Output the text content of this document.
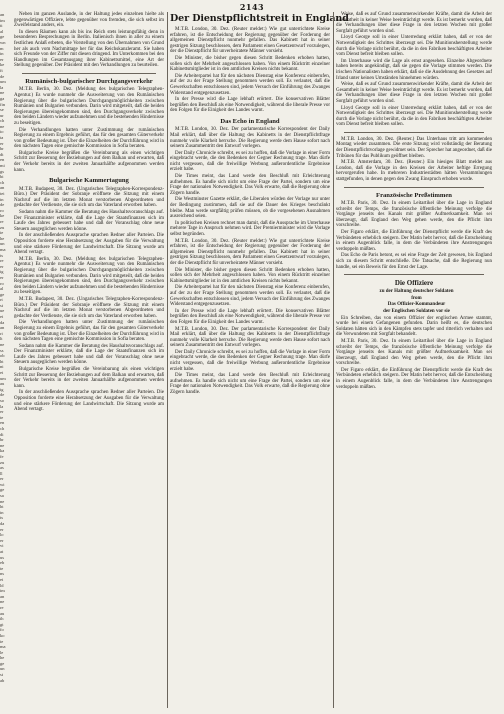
2143
an
im
ti
al
ge
wn
m
in
er
ke
ft
de
um
la
ne
ga
fin
se
ur
ch
ne
io
ta
er
br
dt
en
mi
gs
bi
ch
an
tei
in
de
ro
ke
re
zu
ie
he
un
ma
ts
re
er
ig
er
ro
al
ge
rt
st
ue
ei
da
an
ri
lt
ne
ss
ob
ht
ni
ei
um
au
ig
de
so
la
er
te
en
ch
di
br
ne
ka
fe
zu
as
ll
er
wi
ge
sa
ne
ht
in
ts
da
er
lo
er
vi
at
us
eb
te
ns
ei
ld
im
an
ne
re
au
ih
gt
fo
ko
ie
ma
le
he
ge
un
st
ab

Neben im ganzen Auslande, in der Haltung jedes einzelnen hielte als gegenwärtigen Offiziere, lebte gegenüber von fremden, die sich selbst im Zweifelstand anders, ein.

In diesen Räumen kann als bis ins Reich stets leistungsfähig denn in besonderen Besprechungen in Berlin. Italienisch ihnen in aller zu einem festlichen Anlaß erbeten, die Vorstellung von den Übernahmen von Grund her als auch vom Nachmittage her für das Reichskanzleramt. Sie haben sich Freunde von der Ziffer mit diesen dringend. Im Unterkommen bei den Handlungen im Gesamtausgang ihrer Kabinettsmittel, eine Art der Stellung gegenüber. Der Präsident mit den Verhandlungen zu beurteilen.

Rumänisch-bulgarischer Durchgangsverkehr

M.T.B. Berlin, 30. Dez. (Meldung des bulgarischen Telegraphen-Agentur.) Es wurde nunmehr die Ausweiterung von den Rumänischen Regierung über die bulgarischen Durchgangsmöglichkeiten zwischen Rumänien und Bulgarien verbunden. Darin wird mitgeteilt, daß die beiden Regierungen übereingekommen sind, den Durchgangsverkehr zwischen den beiden Ländern wieder aufzunehmen und die bestehenden Hindernisse zu beseitigen.

Die Verhandlungen hatten unter Zustimmung der rumänischen Regierung zu einem Ergebnis geführt, das für den gesamten Güterverkehr von großer Bedeutung ist. Über die Einzelheiten der Durchführung wird in den nächsten Tagen eine gemischte Kommission in Sofia beraten.

Bulgarische Kreise begrüßen die Vereinbarung als einen wichtigen Schritt zur Besserung der Beziehungen auf dem Balkan und erwarten, daß der Verkehr bereits in der zweiten Januarhälfte aufgenommen werden kann.

Bulgarische Kammertagung

M.T.B. Budapest, 30. Dez. (Ungarisches Telegraphen-Korrespondenz-Büro.) Der Präsident der Sobranje eröffnete die Sitzung mit einem Nachruf auf die im letzten Monat verstorbenen Abgeordneten und gedachte der Verdienste, die sie sich um das Vaterland erworben haben.

Sodann nahm die Kammer die Beratung des Haushaltsvoranschlags auf. Der Finanzminister erklärte, daß die Lage der Staatsfinanzen sich im Laufe des Jahres gebessert habe und daß der Voranschlag ohne neue Steuern ausgeglichen werden könne.

In der anschließenden Aussprache sprachen Redner aller Parteien. Die Opposition forderte eine Herabsetzung der Ausgaben für die Verwaltung und eine stärkere Förderung der Landwirtschaft. Die Sitzung wurde am Abend vertagt.

M.T.B. Berlin, 30. Dez. (Meldung des bulgarischen Telegraphen-Agentur.) Es wurde nunmehr die Ausweiterung von den Rumänischen Regierung über die bulgarischen Durchgangsmöglichkeiten zwischen Rumänien und Bulgarien verbunden. Darin wird mitgeteilt, daß die beiden Regierungen übereingekommen sind, den Durchgangsverkehr zwischen den beiden Ländern wieder aufzunehmen und die bestehenden Hindernisse zu beseitigen.

M.T.B. Budapest, 30. Dez. (Ungarisches Telegraphen-Korrespondenz-Büro.) Der Präsident der Sobranje eröffnete die Sitzung mit einem Nachruf auf die im letzten Monat verstorbenen Abgeordneten und gedachte der Verdienste, die sie sich um das Vaterland erworben haben.

Die Verhandlungen hatten unter Zustimmung der rumänischen Regierung zu einem Ergebnis geführt, das für den gesamten Güterverkehr von großer Bedeutung ist. Über die Einzelheiten der Durchführung wird in den nächsten Tagen eine gemischte Kommission in Sofia beraten.

Sodann nahm die Kammer die Beratung des Haushaltsvoranschlags auf. Der Finanzminister erklärte, daß die Lage der Staatsfinanzen sich im Laufe des Jahres gebessert habe und daß der Voranschlag ohne neue Steuern ausgeglichen werden könne.

Bulgarische Kreise begrüßen die Vereinbarung als einen wichtigen Schritt zur Besserung der Beziehungen auf dem Balkan und erwarten, daß der Verkehr bereits in der zweiten Januarhälfte aufgenommen werden kann.

In der anschließenden Aussprache sprachen Redner aller Parteien. Die Opposition forderte eine Herabsetzung der Ausgaben für die Verwaltung und eine stärkere Förderung der Landwirtschaft. Die Sitzung wurde am Abend vertagt.

Der Dienstpflichtstreit in England

M.T.B. London, 30. Dez. (Reuter meldet:) Wie gut unterrichtete Kreise erfahren, ist die Entscheidung der Regierung gegenüber der Forderung der allgemeinen Dienstpflicht nunmehr gefallen. Das Kabinett hat in seiner gestrigen Sitzung beschlossen, dem Parlament einen Gesetzentwurf vorzulegen, der die Dienstpflicht für unverheiratete Männer vorsieht.

Die Minister, die bisher gegen diesen Schritt Bedenken erhoben hatten, sollen sich der Mehrheit angeschlossen haben. Von einem Rücktritt einzelner Kabinettsmitglieder ist in den amtlichen Kreisen nichts bekannt.

Die Arbeiterpartei hat für den nächsten Dienstag eine Konferenz einberufen, auf der zu der Frage Stellung genommen werden soll. Es verlautet, daß die Gewerkschaften entschlossen sind, jedem Versuch der Einführung des Zwanges Widerstand entgegenzusetzen.

In der Presse wird die Lage lebhaft erörtert. Die konservativen Blätter begrüßen den Beschluß als eine Notwendigkeit, während die liberale Presse vor den Folgen für die Einigkeit des Landes warnt.

Das Echo in England

M.T.B. London, 30. Dez. Der parlamentarische Korrespondent der Daily Mail erklärt, daß über die Haltung des Kabinetts in der Dienstpflichtfrage nunmehr volle Klarheit herrsche. Die Regierung werde dem Hause sofort nach seinem Zusammentritt den Entwurf vorlegen.

Der Daily Chronicle schreibt, es sei zu hoffen, daß die Vorlage in einer Form eingebracht werde, die den Bedenken der Gegner Rechnung trage. Man dürfe nicht vergessen, daß die freiwillige Werbung außerordentliche Ergebnisse erzielt habe.

Die Times meint, das Land werde den Beschluß mit Erleichterung aufnehmen. Es handle sich nicht um eine Frage der Partei, sondern um eine Frage der nationalen Notwendigkeit. Das Volk erwarte, daß die Regierung ohne Zögern handle.

Die Westminster Gazette erklärt, die Liberalen würden der Vorlage nur unter der Bedingung zustimmen, daß sie auf die Dauer des Krieges beschränkt bleibe. Man werde sorgfältig prüfen müssen, ob die vorgesehenen Ausnahmen ausreichend seien.

In politischen Kreisen rechnet man damit, daß die Aussprache im Unterhause mehrere Tage in Anspruch nehmen wird. Der Premierminister wird die Vorlage selbst begründen.

M.T.B. London, 30. Dez. (Reuter meldet:) Wie gut unterrichtete Kreise erfahren, ist die Entscheidung der Regierung gegenüber der Forderung der allgemeinen Dienstpflicht nunmehr gefallen. Das Kabinett hat in seiner gestrigen Sitzung beschlossen, dem Parlament einen Gesetzentwurf vorzulegen, der die Dienstpflicht für unverheiratete Männer vorsieht.

Die Minister, die bisher gegen diesen Schritt Bedenken erhoben hatten, sollen sich der Mehrheit angeschlossen haben. Von einem Rücktritt einzelner Kabinettsmitglieder ist in den amtlichen Kreisen nichts bekannt.

Die Arbeiterpartei hat für den nächsten Dienstag eine Konferenz einberufen, auf der zu der Frage Stellung genommen werden soll. Es verlautet, daß die Gewerkschaften entschlossen sind, jedem Versuch der Einführung des Zwanges Widerstand entgegenzusetzen.

In der Presse wird die Lage lebhaft erörtert. Die konservativen Blätter begrüßen den Beschluß als eine Notwendigkeit, während die liberale Presse vor den Folgen für die Einigkeit des Landes warnt.

M.T.B. London, 30. Dez. Der parlamentarische Korrespondent der Daily Mail erklärt, daß über die Haltung des Kabinetts in der Dienstpflichtfrage nunmehr volle Klarheit herrsche. Die Regierung werde dem Hause sofort nach seinem Zusammentritt den Entwurf vorlegen.

Der Daily Chronicle schreibt, es sei zu hoffen, daß die Vorlage in einer Form eingebracht werde, die den Bedenken der Gegner Rechnung trage. Man dürfe nicht vergessen, daß die freiwillige Werbung außerordentliche Ergebnisse erzielt habe.

Die Times meint, das Land werde den Beschluß mit Erleichterung aufnehmen. Es handle sich nicht um eine Frage der Partei, sondern um eine Frage der nationalen Notwendigkeit. Das Volk erwarte, daß die Regierung ohne Zögern handle.

Weise, daß es auf Grund zusammenwirkender Kräfte, damit die Arbeit der Gesamtheit in keiner Weise beeinträchtigt werde. Es ist bemerkt worden, daß die Verhandlungen über diese Frage in den letzten Wochen mit großer Sorgfalt geführt worden sind.

Lloyd George soll in einer Unterredung erklärt haben, daß er von der Notwendigkeit des Schrittes überzeugt sei. Die Munitionsherstellung werde durch die Vorlage nicht berührt, da die in den Fabriken beschäftigten Arbeiter vom Dienst befreit bleiben sollen.

Im Unterhause wird die Lage als ernst angesehen. Einzelne Abgeordnete haben bereits angekündigt, daß sie gegen die Vorlage stimmen werden. Die irischen Nationalisten haben erklärt, daß sie die Ausdehnung des Gesetzes auf Irland unter keinen Umständen hinnehmen würden.

Weise, daß es auf Grund zusammenwirkender Kräfte, damit die Arbeit der Gesamtheit in keiner Weise beeinträchtigt werde. Es ist bemerkt worden, daß die Verhandlungen über diese Frage in den letzten Wochen mit großer Sorgfalt geführt worden sind.

Lloyd George soll in einer Unterredung erklärt haben, daß er von der Notwendigkeit des Schrittes überzeugt sei. Die Munitionsherstellung werde durch die Vorlage nicht berührt, da die in den Fabriken beschäftigten Arbeiter vom Dienst befreit bleiben sollen.

M.T.B. London, 30. Dez. (Reuter.) Das Unterhaus tritt am kommenden Montag wieder zusammen. Die erste Sitzung wird vollständig der Beratung der Dienstpflichtvorlage gewidmet sein. Der Sprecher hat angeordnet, daß die Tribünen für das Publikum geöffnet bleiben.

M.T.B. Amsterdam, 30. Dez. (Reuter.) Ein hiesiges Blatt meldet aus London, daß die Vorlage in den Kreisen der Arbeiter heftige Erregung hervorgerufen habe. In mehreren Industriestädten hätten Versammlungen stattgefunden, in denen gegen den Zwang Einspruch erhoben wurde.

Französische Preßstimmen

M.T.B. Paris, 30. Dez. In einem Leitartikel über die Lage in England schreibt der Temps, die französische öffentliche Meinung verfolge die Vorgänge jenseits des Kanals mit größter Aufmerksamkeit. Man sei überzeugt, daß England den Weg gehen werde, den die Pflicht ihm vorschreibe.

Der Figaro erklärt, die Einführung der Dienstpflicht werde die Kraft des Verbündeten erheblich steigern. Der Matin hebt hervor, daß die Entscheidung in einem Augenblick falle, in dem die Verbündeten ihre Anstrengungen verdoppeln müßten.

Das Echo de Paris betont, es sei eine Frage der Zeit gewesen, bis England sich zu diesem Schritt entschließe. Die Tatsache, daß die Regierung nun handle, sei ein Beweis für den Ernst der Lage.

Die Offiziere

zu der Haltung deutscher Soldaten

from

Das Offizier-Kommandeur

der Englischen Soldaten vor sie

Ein Schreiben, das von einem Offizier der englischen Armee stammt, wurde bei einem Gefangenen gefunden. Darin heißt es, die deutschen Soldaten hätten sich in den Kämpfen stets tapfer und ritterlich verhalten und die Verwundeten mit Sorgfalt behandelt.

M.T.B. Paris, 30. Dez. In einem Leitartikel über die Lage in England schreibt der Temps, die französische öffentliche Meinung verfolge die Vorgänge jenseits des Kanals mit größter Aufmerksamkeit. Man sei überzeugt, daß England den Weg gehen werde, den die Pflicht ihm vorschreibe.

Der Figaro erklärt, die Einführung der Dienstpflicht werde die Kraft des Verbündeten erheblich steigern. Der Matin hebt hervor, daß die Entscheidung in einem Augenblick falle, in dem die Verbündeten ihre Anstrengungen verdoppeln müßten.
